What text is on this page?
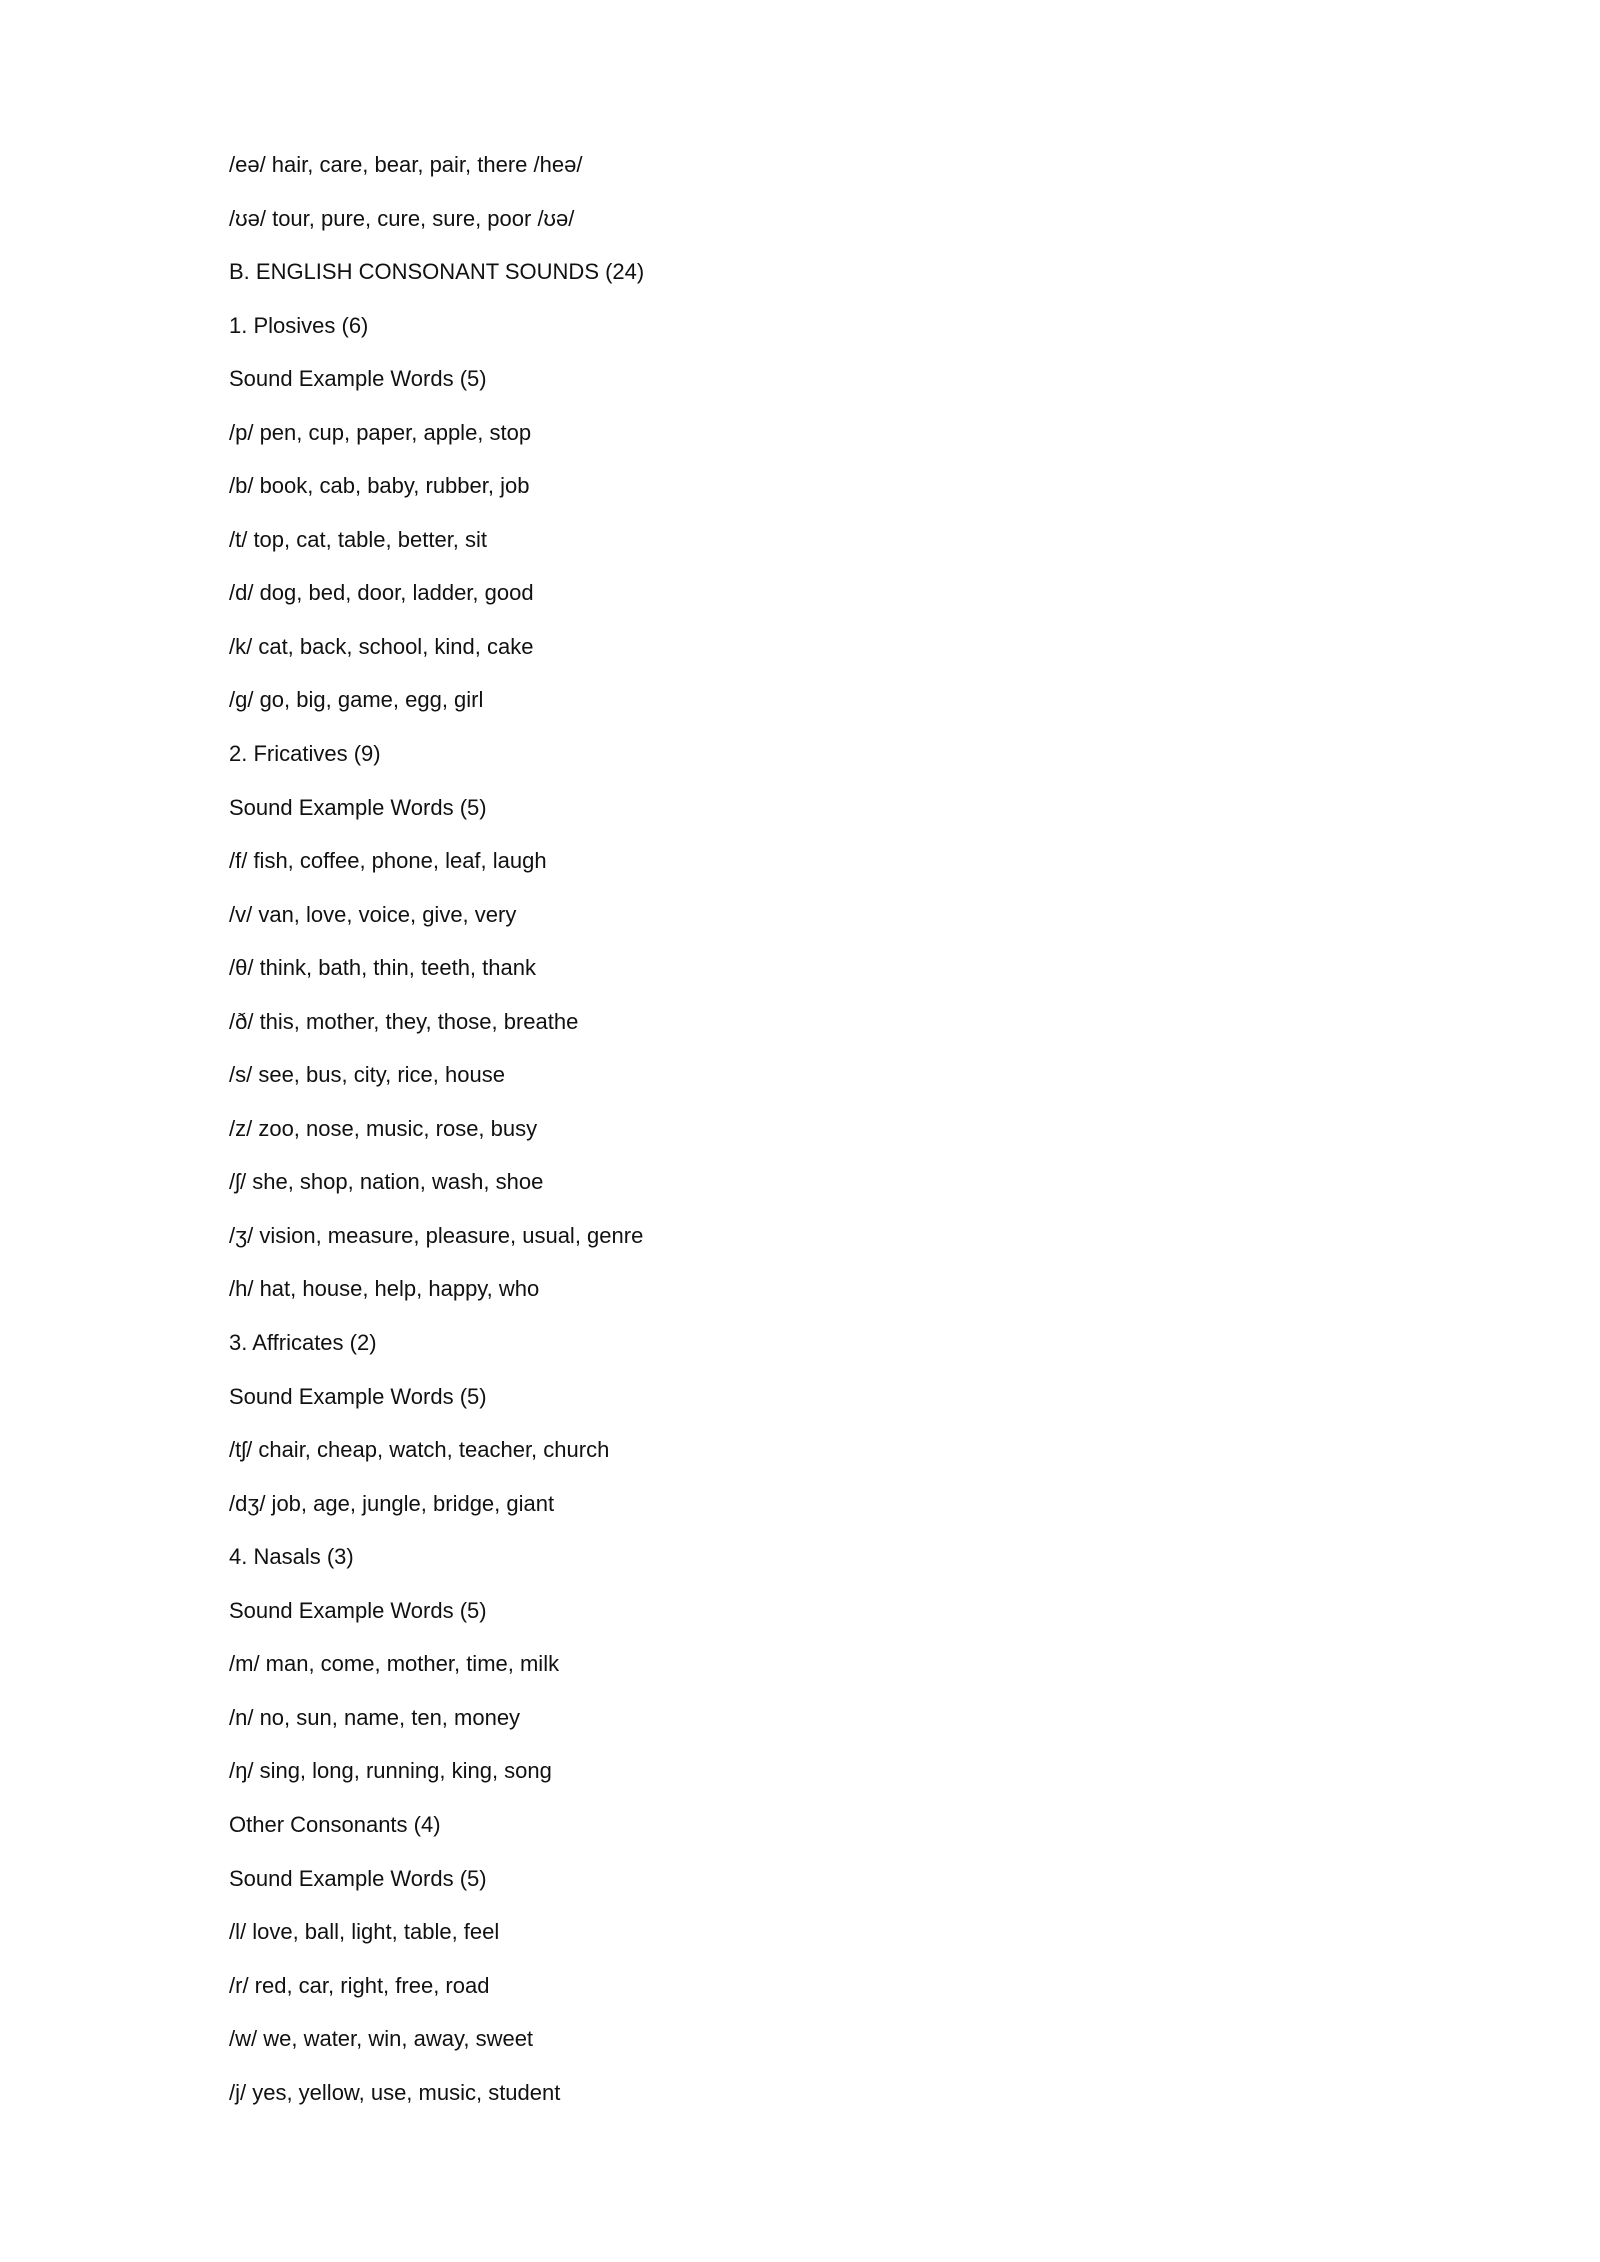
/eə/ hair, care, bear, pair, there /heə/
/ʊə/ tour, pure, cure, sure, poor /ʊə/
B. ENGLISH CONSONANT SOUNDS (24)
1. Plosives (6)
Sound Example Words (5)
/p/ pen, cup, paper, apple, stop
/b/ book, cab, baby, rubber, job
/t/ top, cat, table, better, sit
/d/ dog, bed, door, ladder, good
/k/ cat, back, school, kind, cake
/g/ go, big, game, egg, girl
2. Fricatives (9)
Sound Example Words (5)
/f/ fish, coffee, phone, leaf, laugh
/v/ van, love, voice, give, very
/θ/ think, bath, thin, teeth, thank
/ð/ this, mother, they, those, breathe
/s/ see, bus, city, rice, house
/z/ zoo, nose, music, rose, busy
/ʃ/ she, shop, nation, wash, shoe
/ʒ/ vision, measure, pleasure, usual, genre
/h/ hat, house, help, happy, who
3. Affricates (2)
Sound Example Words (5)
/tʃ/ chair, cheap, watch, teacher, church
/dʒ/ job, age, jungle, bridge, giant
4. Nasals (3)
Sound Example Words (5)
/m/ man, come, mother, time, milk
/n/ no, sun, name, ten, money
/ŋ/ sing, long, running, king, song
Other Consonants (4)
Sound Example Words (5)
/l/ love, ball, light, table, feel
/r/ red, car, right, free, road
/w/ we, water, win, away, sweet
/j/ yes, yellow, use, music, student
